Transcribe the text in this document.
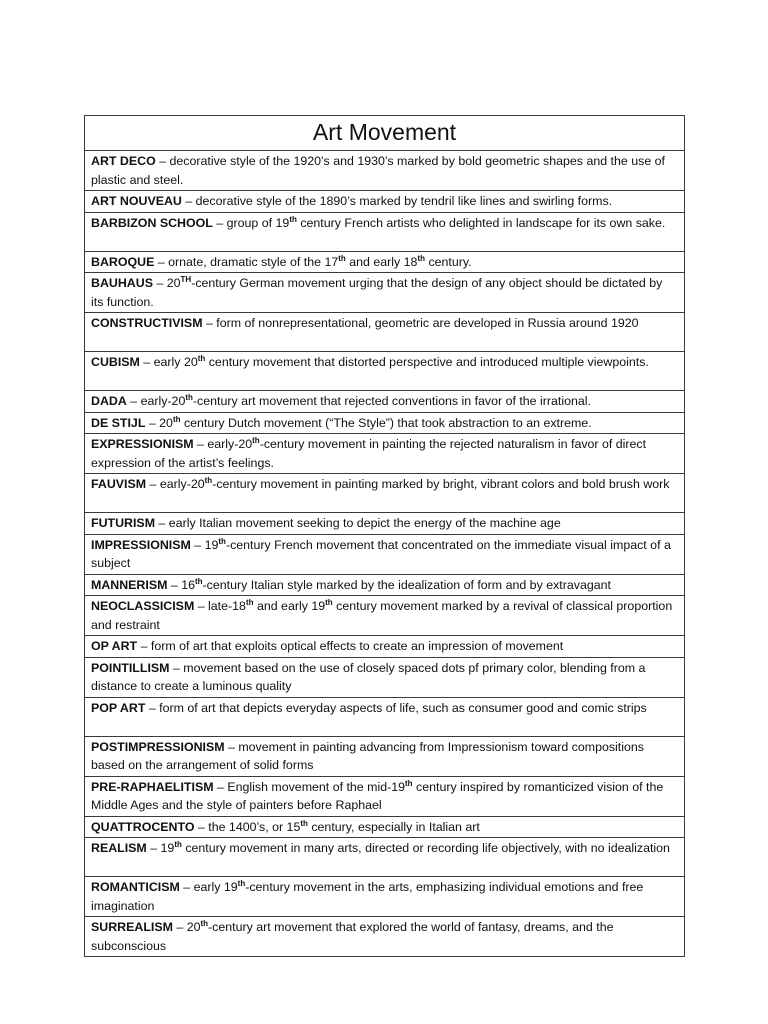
Art Movement
ART DECO – decorative style of the 1920’s and 1930’s marked by bold geometric shapes and the use of plastic and steel.
ART NOUVEAU – decorative style of the 1890’s marked by tendril like lines and swirling forms.
BARBIZON SCHOOL – group of 19th century French artists who delighted in landscape for its own sake.
BAROQUE – ornate, dramatic style of the 17th and early 18th century.
BAUHAUS – 20TH-century German movement urging that the design of any object should be dictated by its function.
CONSTRUCTIVISM – form of nonrepresentational, geometric are developed in Russia around 1920
CUBISM – early 20th century movement that distorted perspective and introduced multiple viewpoints.
DADA – early-20th-century art movement that rejected conventions in favor of the irrational.
DE STIJL – 20th century Dutch movement (“The Style”) that took abstraction to an extreme.
EXPRESSIONISM – early-20th-century movement in painting the rejected naturalism in favor of direct expression of the artist’s feelings.
FAUVISM – early-20th-century movement in painting marked by bright, vibrant colors and bold brush work
FUTURISM – early Italian movement seeking to depict the energy of the machine age
IMPRESSIONISM – 19th-century French movement that concentrated on the immediate visual impact of a subject
MANNERISM – 16th-century Italian style marked by the idealization of form and by extravagant
NEOCLASSICISM – late-18th and early 19th century movement marked by a revival of classical proportion and restraint
OP ART – form of art that exploits optical effects to create an impression of movement
POINTILLISM – movement based on the use of closely spaced dots pf primary color, blending from a distance to create a luminous quality
POP ART – form of art that depicts everyday aspects of life, such as consumer good and comic strips
POSTIMPRESSIONISM – movement in painting advancing from Impressionism toward compositions based on the arrangement of solid forms
PRE-RAPHAELITISM – English movement of the mid-19th century inspired by romanticized vision of the Middle Ages and the style of painters before Raphael
QUATTROCENTO – the 1400’s, or 15th century, especially in Italian art
REALISM – 19th century movement in many arts, directed or recording life objectively, with no idealization
ROMANTICISM – early 19th-century movement in the arts, emphasizing individual emotions and free imagination
SURREALISM – 20th-century art movement that explored the world of fantasy, dreams, and the subconscious
